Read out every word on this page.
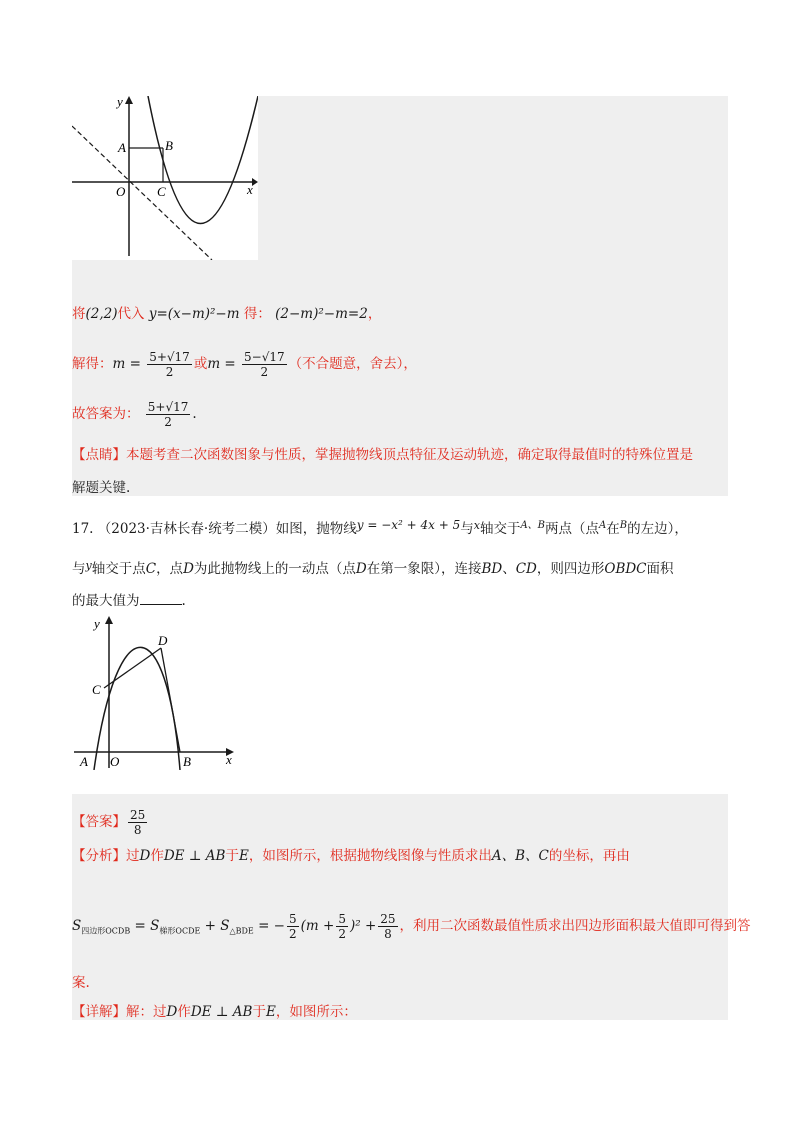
y
x
O
A	B
C
将(2,2)代入 y=(x−m)²−m 得： (2−m)²−m=2，
解得：$m = \frac{5+√17}{2}$ 或$m = \frac{5-√17}{2}$ （不合题意，舍去），
故答案为： $\frac{5+√17}{2}$ .
【点睛】本题考查二次函数图象与性质，掌握抛物线顶点特征及运动轨迹，确定取得最值时的特殊位置是
解题关键.
17. （2023·吉林长春·统考二模）如图，抛物线y = −x² + 4x + 5与$^x$轴交于$^{A、B}$两点（点$^A$在$^B$的左边），
与$^y$轴交于点C，点D为此抛物线上的一动点（点D在第一象限），连接BD、CD，则四边形OBDC面积
的最大值为	.
y
x
A O	B
C
D
【答案】 $\frac{25}{8}$
【分析】过D作DE ⊥ AB于E，如图所示，根据抛物线图像与性质求出A、B、C的坐标，再由
$S_{四边形OCDB} = S_{梯形OCDE} + S_{\triangle BDE}$ = − $\frac{5}{2} (m + \frac{5}{2} )^2 + \frac{25}{8}$ ，利用二次函数最值性质求出四边形面积最大值即可得到答
案.
【详解】解：过D作DE ⊥ AB于E，如图所示：
